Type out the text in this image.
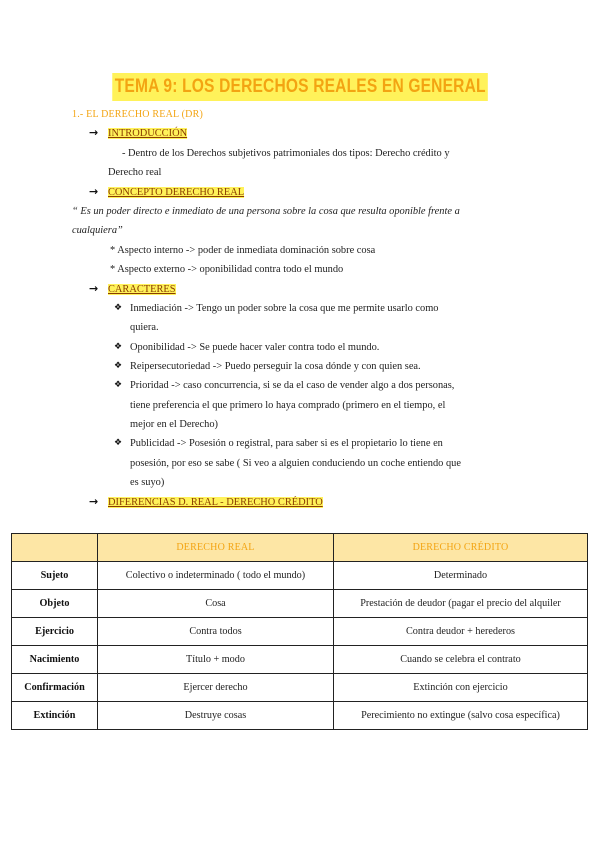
TEMA 9: LOS DERECHOS REALES EN GENERAL
1.- EL DERECHO REAL (DR)
→ INTRODUCCIÓN
- Dentro de los Derechos subjetivos patrimoniales dos tipos: Derecho crédito y
Derecho real
→ CONCEPTO DERECHO REAL
“ Es un poder directo e inmediato de una persona sobre la cosa que resulta oponible frente a
cualquiera”
* Aspecto interno -> poder de inmediata dominación sobre cosa
* Aspecto externo -> oponibilidad contra todo el mundo
→ CARACTERES
❖ Inmediación -> Tengo un poder sobre la cosa que me permite usarlo como
quiera.
❖ Oponibilidad -> Se puede hacer valer contra todo el mundo.
❖ Reipersecutoriedad -> Puedo perseguir la cosa dónde y con quien sea.
❖ Prioridad -> caso concurrencia, si se da el caso de vender algo a dos personas,
tiene preferencia el que primero lo haya comprado (primero en el tiempo, el
mejor en el Derecho)
❖ Publicidad -> Posesión o registral, para saber si es el propietario lo tiene en
posesión, por eso se sabe ( Si veo a alguien conduciendo un coche entiendo que
es suyo)
→ DIFERENCIAS D. REAL - DERECHO CRÉDITO
	DERECHO REAL	DERECHO CRÉDITO
Sujeto	Colectivo o indeterminado ( todo el mundo)	Determinado
Objeto	Cosa	Prestación de deudor (pagar el precio del alquiler
Ejercicio	Contra todos	Contra deudor + herederos
Nacimiento	Título + modo	Cuando se celebra el contrato
Confirmación	Ejercer derecho	Extinción con ejercicio
Extinción	Destruye cosas	Perecimiento no extingue (salvo cosa específica)
